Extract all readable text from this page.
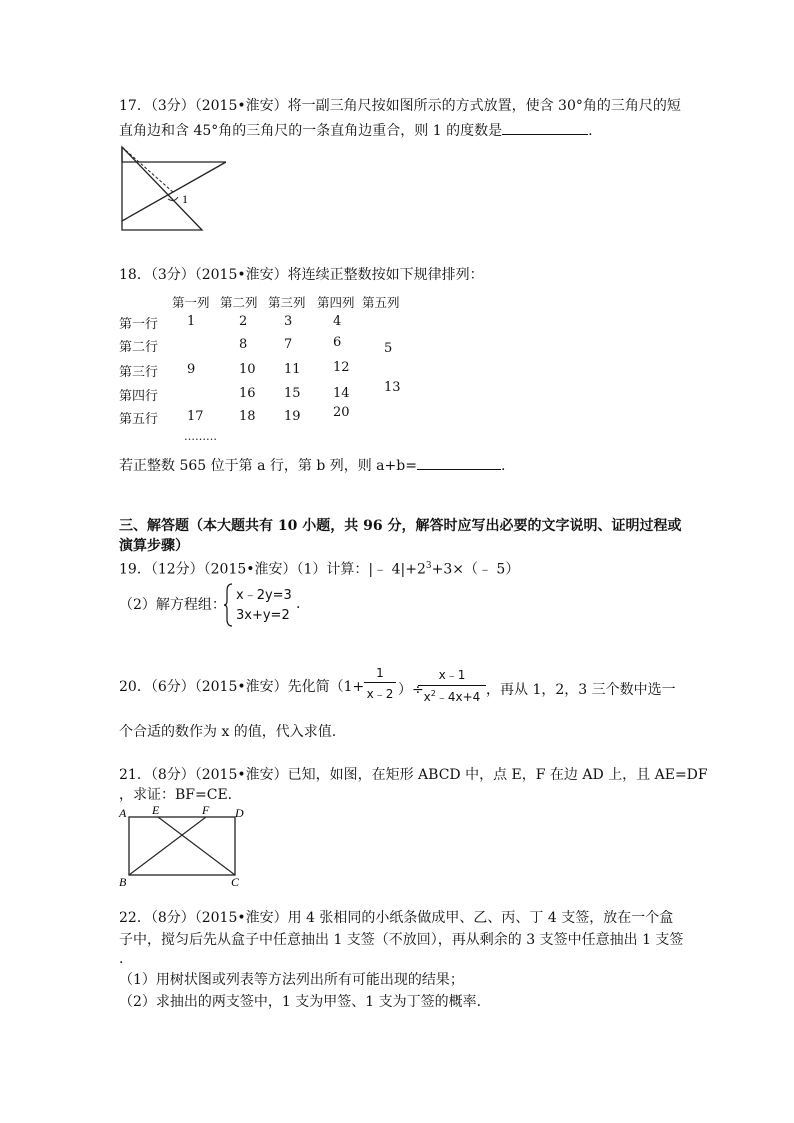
17．（3分）（2015•淮安）将一副三角尺按如图所示的方式放置，使含 30°角的三角尺的短
直角边和含 45°角的三角尺的一条直角边重合，则 1 的度数是	.
1
18．（3分）（2015•淮安）将连续正整数按如下规律排列：
第一列 第二列 第三列 第四列 第五列
第一行 1	2	3	4
第二行	8	7	6	5
第三行 9	10 11 12
第四行	16 15 14	13
第五行 17	18 19 20
………
若正整数 565 位于第 a 行，第 b 列，则 a+b=	.
三、解答题（本大题共有 10 小题，共 96 分，解答时应写出必要的文字说明、证明过程或
演算步骤）
19．（12分）（2015•淮安）（1）计算：|﹣ $4|+2^3+3\times(﹣$ 5）
（2）解方程组：
x﹣2y=3
3x+y=2
.
20．（6分）（2015•淮安）先化简（1+
1
x﹣2 ）÷
x﹣1
$x^2﹣4x+4$ ，再从 1，2，3 三个数中选一
个合适的数作为 x 的值，代入求值.
21．（8分）（2015•淮安）已知，如图，在矩形 ABCD 中，点 E，F 在边 AD 上，且 AE=DF
，求证：BF=CE．
A E	F D
B	C
22．（8分）（2015•淮安）用 4 张相同的小纸条做成甲、乙、丙、丁 4 支签，放在一个盒
子中，搅匀后先从盒子中任意抽出 1 支签（不放回），再从剩余的 3 支签中任意抽出 1 支签
.
（1）用树状图或列表等方法列出所有可能出现的结果；
（2）求抽出的两支签中，1 支为甲签、1 支为丁签的概率．
